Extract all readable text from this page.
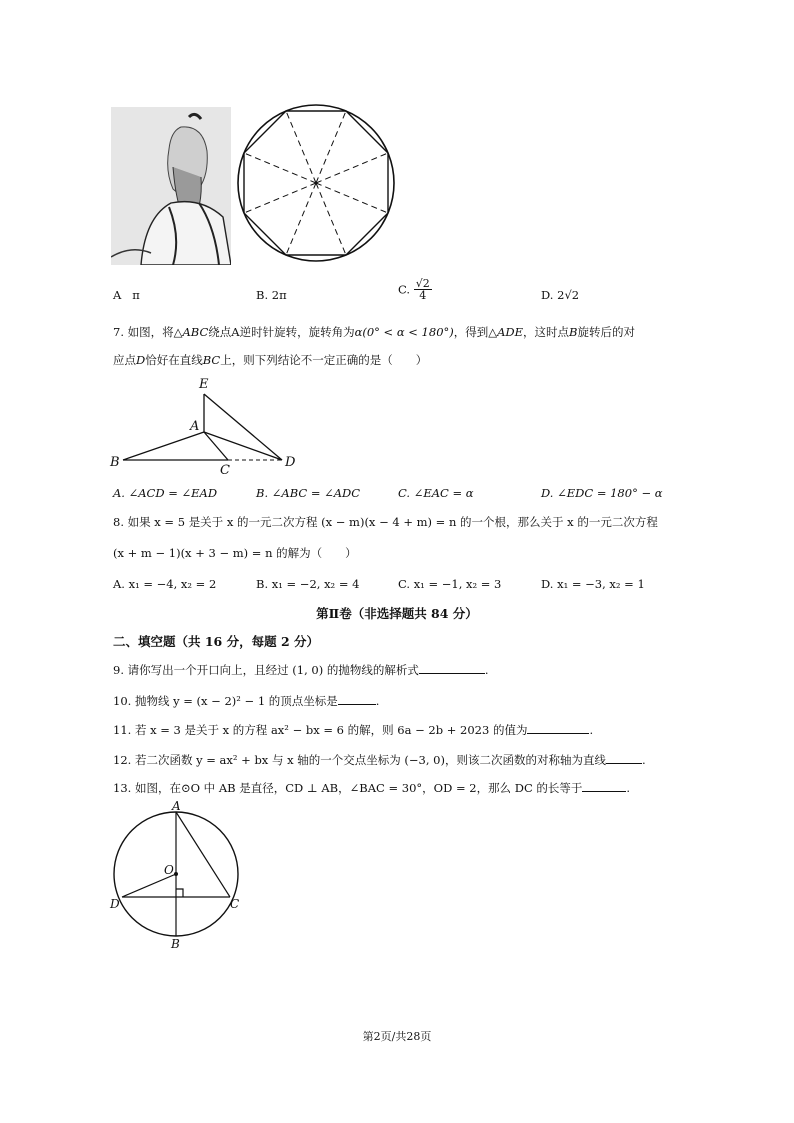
A π	B. 2π	C. $\frac{√2}{4}$	D. 2√2
7. 如图，将△ABC绕点A逆时针旋转，旋转角为α(0° < α < 180°)，得到△ADE，这时点B旋转后的对
应点D恰好在直线BC上，则下列结论不一定正确的是（　　）
E
A
B
C
D
A. ∠ACD = ∠EAD	B. ∠ABC = ∠ADC	C. ∠EAC = α	D. ∠EDC = 180° − α
8. 如果 x = 5 是关于 x 的一元二次方程 (x − m)(x − 4 + m) = n 的一个根，那么关于 x 的一元二次方程
(x + m − 1)(x + 3 − m) = n 的解为（　　）
A. x₁ = −4, x₂ = 2	B. x₁ = −2, x₂ = 4	C. x₁ = −1, x₂ = 3	D. x₁ = −3, x₂ = 1
第Ⅱ卷（非选择题共 84 分）
二、填空题（共 16 分，每题 2 分）
9. 请你写出一个开口向上，且经过 (1, 0) 的抛物线的解析式	.
10. 抛物线 y = (x − 2)² − 1 的顶点坐标是	.
11. 若 x = 3 是关于 x 的方程 ax² − bx = 6 的解，则 6a − 2b + 2023 的值为	.
12. 若二次函数 y = ax² + bx 与 x 轴的一个交点坐标为 (−3, 0)，则该二次函数的对称轴为直线	.
13. 如图，在⊙O 中 AB 是直径，CD ⊥ AB，∠BAC = 30°，OD = 2，那么 DC 的长等于	.
A
O
D	C
B
第2页/共28页
